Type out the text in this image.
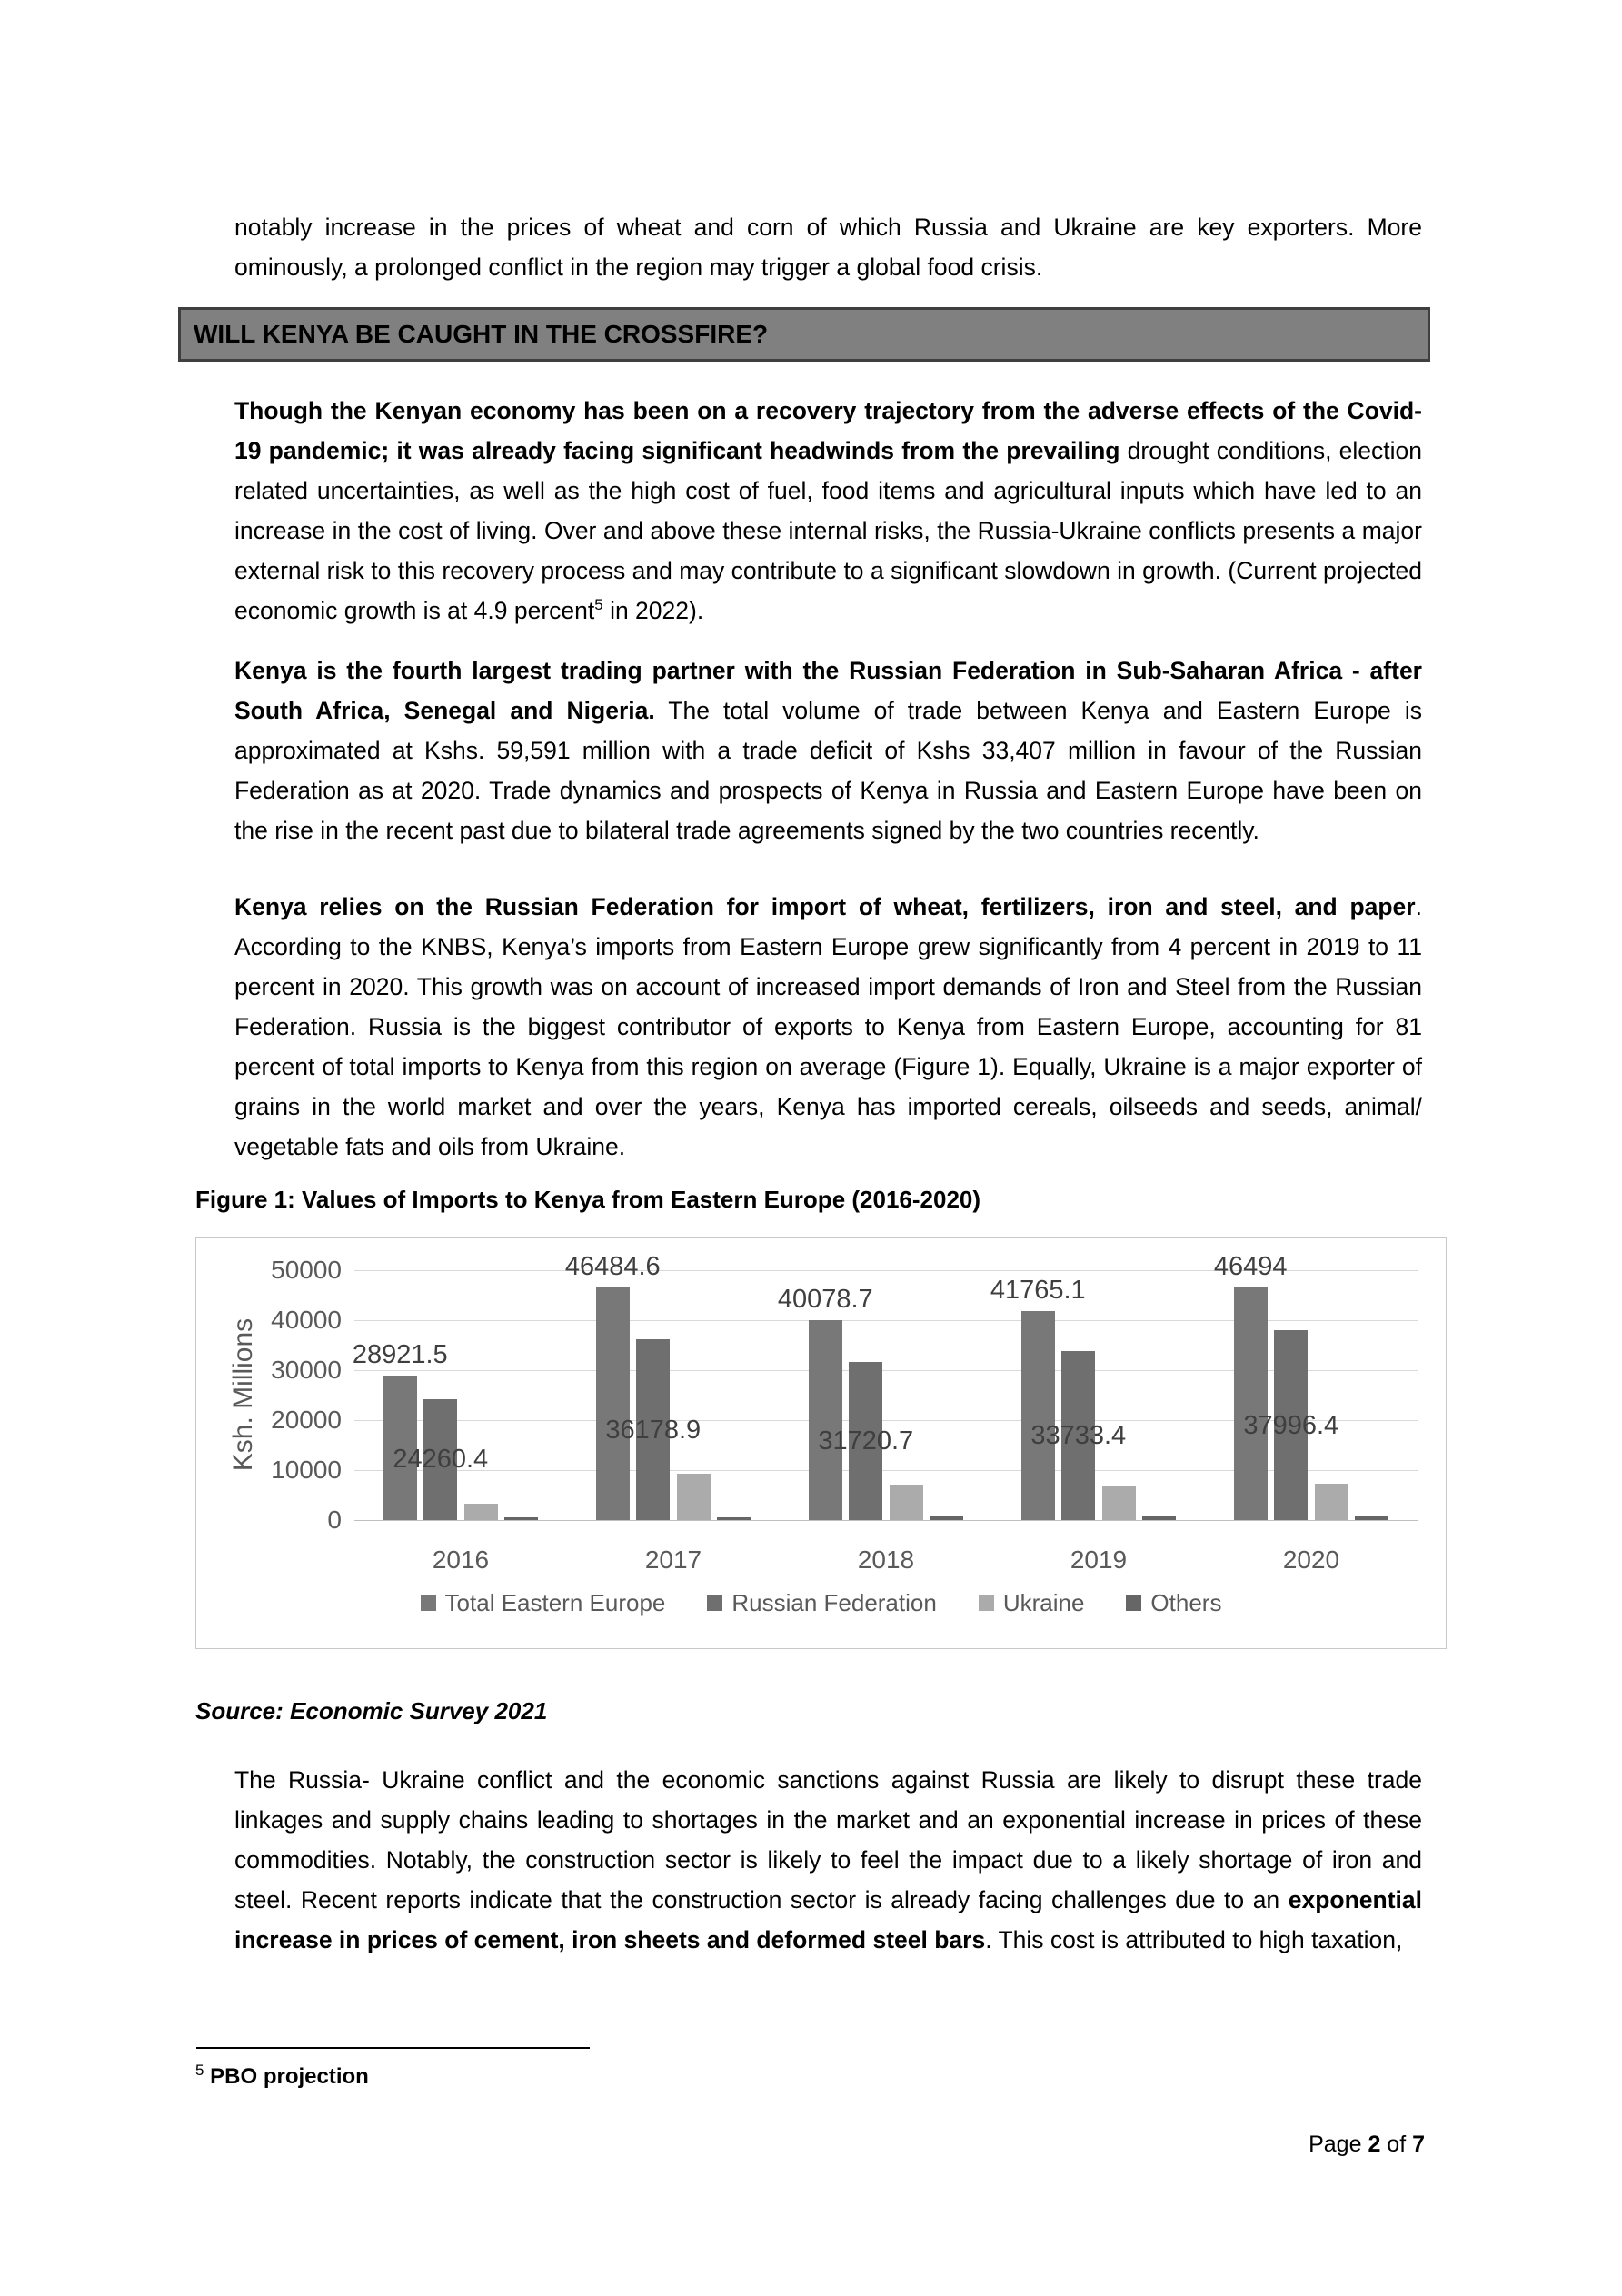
notably increase in the prices of wheat and corn of which Russia and Ukraine are key exporters. More ominously, a prolonged conflict in the region may trigger a global food crisis.

WILL KENYA BE CAUGHT IN THE CROSSFIRE?

Though the Kenyan economy has been on a recovery trajectory from the adverse effects of the Covid-19 pandemic; it was already facing significant headwinds from the prevailing drought conditions, election related uncertainties, as well as the high cost of fuel, food items and agricultural inputs which have led to an increase in the cost of living. Over and above these internal risks, the Russia-Ukraine conflicts presents a major external risk to this recovery process and may contribute to a significant slowdown in growth. (Current projected economic growth is at 4.9 percent$^5$ in 2022).

Kenya is the fourth largest trading partner with the Russian Federation in Sub-Saharan Africa - after South Africa, Senegal and Nigeria. The total volume of trade between Kenya and Eastern Europe is approximated at Kshs. 59,591 million with a trade deficit of Kshs 33,407 million in favour of the Russian Federation as at 2020. Trade dynamics and prospects of Kenya in Russia and Eastern Europe have been on the rise in the recent past due to bilateral trade agreements signed by the two countries recently.

Kenya relies on the Russian Federation for import of wheat, fertilizers, iron and steel, and paper. According to the KNBS, Kenya’s imports from Eastern Europe grew significantly from 4 percent in 2019 to 11 percent in 2020. This growth was on account of increased import demands of Iron and Steel from the Russian Federation. Russia is the biggest contributor of exports to Kenya from Eastern Europe, accounting for 81 percent of total imports to Kenya from this region on average (Figure 1). Equally, Ukraine is a major exporter of grains in the world market and over the years, Kenya has imported cereals, oilseeds and seeds, animal/ vegetable fats and oils from Ukraine.

Figure 1: Values of Imports to Kenya from Eastern Europe (2016-2020)
0
10000
20000
30000
40000
50000
Ksh. Millions	28921.5
24260.4
2016
46484.6
36178.9
2017
40078.7
31720.7
2018
41765.1
33733.4
2019
46494
37996.4
2020
Total Eastern Europe	Russian Federation	Ukraine	Others
Source: Economic Survey 2021

The Russia- Ukraine conflict and the economic sanctions against Russia are likely to disrupt these trade linkages and supply chains leading to shortages in the market and an exponential increase in prices of these commodities. Notably, the construction sector is likely to feel the impact due to a likely shortage of iron and steel. Recent reports indicate that the construction sector is already facing challenges due to an exponential increase in prices of cement, iron sheets and deformed steel bars. This cost is attributed to high taxation,

$^5$ PBO projection
Page 2 of 7
